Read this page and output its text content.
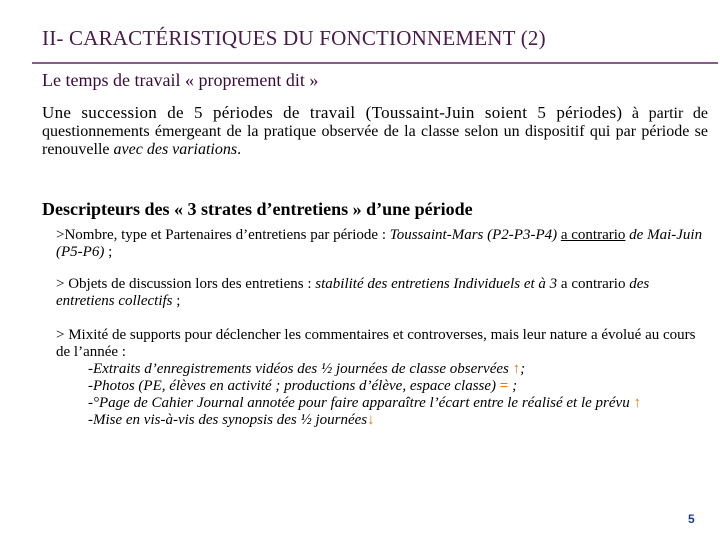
II- CARACTÉRISTIQUES DU FONCTIONNEMENT (2)
Le temps de travail « proprement dit »
Une succession de 5 périodes de travail (Toussaint-Juin soient 5 périodes) à partir de questionnements émergeant de la pratique observée de la classe selon un dispositif qui par période se renouvelle avec des variations.
Descripteurs des « 3 strates d’entretiens » d’une période
>Nombre, type et Partenaires d’entretiens par période : Toussaint-Mars (P2-P3-P4) a contrario de Mai-Juin (P5-P6) ;
> Objets de discussion lors des entretiens : stabilité des entretiens Individuels et à 3 a contrario des entretiens collectifs ;
> Mixité de supports pour déclencher les commentaires et controverses, mais leur nature a évolué au cours de l’année :
-Extraits d’enregistrements vidéos des ½ journées de classe observées ↑;
-Photos (PE, élèves en activité ; productions d’élève, espace classe) = ;
-°Page de Cahier Journal annotée pour faire apparaître l’écart entre le réalisé et le prévu ↑
-Mise en vis-à-vis des synopsis des ½ journées↓
5
